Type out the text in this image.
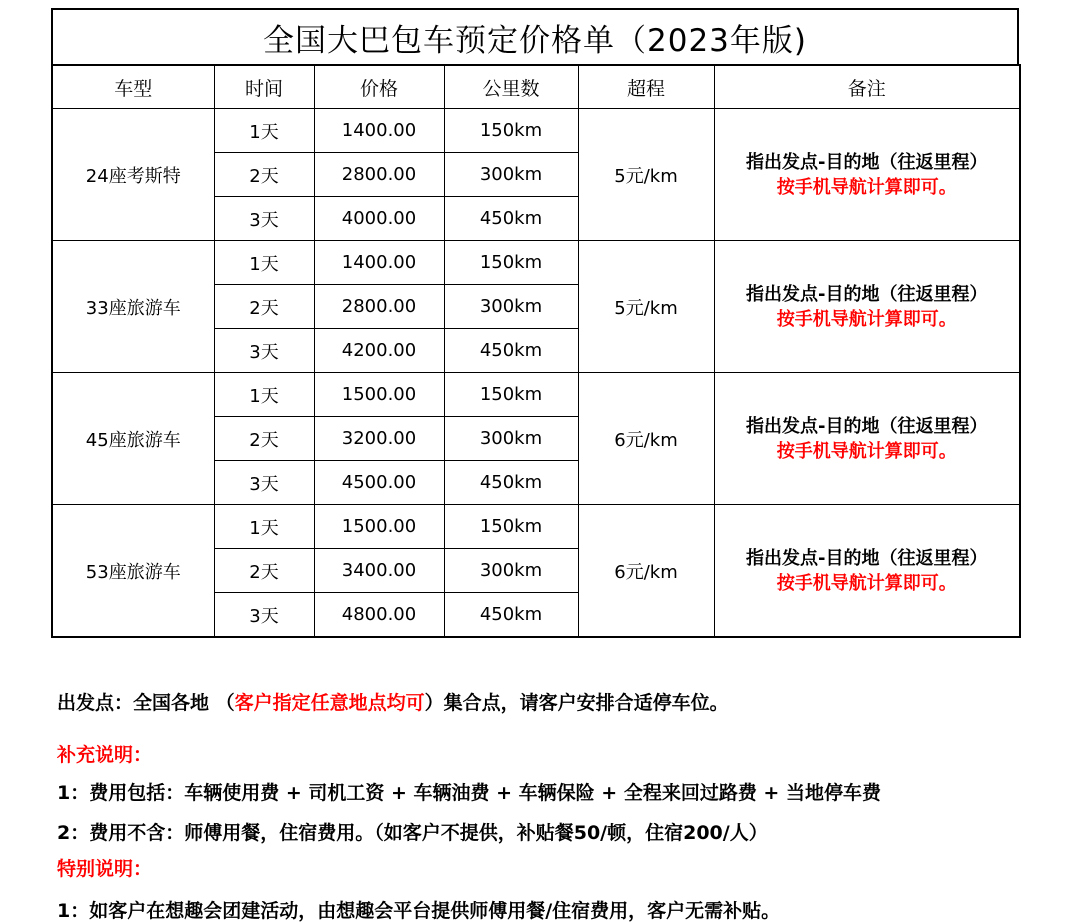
全国大巴包车预定价格单（2023年版)
车型	时间	价格	公里数	超程	备注
24座考斯特	1天	1400.00	150km	5元/km	指出发点-目的地（往返里程）
按手机导航计算即可。

	2天	2800.00	300km		
	3天	4000.00	450km		
33座旅游车	1天	1400.00	150km	5元/km	指出发点-目的地（往返里程）
按手机导航计算即可。

	2天	2800.00	300km		
	3天	4200.00	450km		
45座旅游车	1天	1500.00	150km	6元/km	指出发点-目的地（往返里程）
按手机导航计算即可。

	2天	3200.00	300km		
	3天	4500.00	450km		
53座旅游车	1天	1500.00	150km	6元/km	指出发点-目的地（往返里程）
按手机导航计算即可。

	2天	3400.00	300km		
	3天	4800.00	450km		
出发点：全国各地 （客户指定任意地点均可）集合点，请客户安排合适停车位。
补充说明：
1：费用包括：车辆使用费 + 司机工资 + 车辆油费 + 车辆保险 + 全程来回过路费 + 当地停车费
2：费用不含：师傅用餐，住宿费用。（如客户不提供，补贴餐50/顿，住宿200/人）
特别说明：
1：如客户在想趣会团建活动，由想趣会平台提供师傅用餐/住宿费用，客户无需补贴。
